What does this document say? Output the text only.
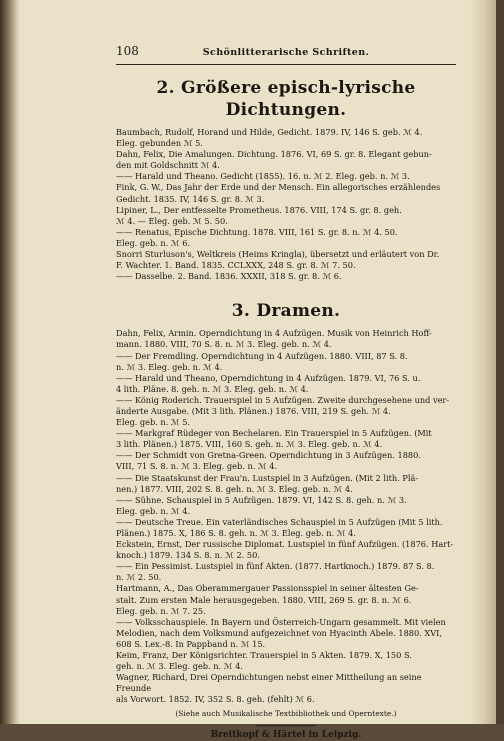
108	Schönlitterarische Schriften.
2. Größere episch-lyrische Dichtungen.
Baumbach, Rudolf, Horand und Hilde, Gedicht. 1879. IV, 146 S. geb. ℳ 4.
Eleg. gebunden ℳ 5.
Dahn, Felix, Die Amalungen. Dichtung. 1876. VI, 69 S. gr. 8. Elegant gebun-
den mit Goldschnitt ℳ 4.
—— Harald und Theano. Gedicht (1855). 16. n. ℳ 2. Eleg. geb. n. ℳ 3.
Fink, G. W., Das Jahr der Erde und der Mensch. Ein allegorisches erzählendes
Gedicht. 1835. IV, 146 S. gr. 8. ℳ 3.
Lipiner, L., Der entfesselte Prometheus. 1876. VIII, 174 S. gr. 8. geh.
ℳ 4. — Eleg. geb. ℳ 5. 50.
—— Renatus, Epische Dichtung. 1878. VIII, 161 S. gr. 8. n. ℳ 4. 50.
Eleg. geb. n. ℳ 6.
Snorri Sturluson's, Weltkreis (Heims Kringla), übersetzt und erläutert von Dr.
F. Wachter. 1. Band. 1835. CCLXXX, 248 S. gr. 8. ℳ 7. 50.
—— Dasselbe. 2. Band. 1836. XXXII, 318 S. gr. 8. ℳ 6.
3. Dramen.
Dahn, Felix, Armin. Operndichtung in 4 Aufzügen. Musik von Heinrich Hoff-
mann. 1880. VIII, 70 S. 8. n. ℳ 3. Eleg. geb. n. ℳ 4.
—— Der Fremdling. Operndichtung in 4 Aufzügen. 1880. VIII, 87 S. 8.
n. ℳ 3. Eleg. geb. n. ℳ 4.
—— Harald und Theano, Operndichtung in 4 Aufzügen. 1879. VI, 76 S. u.
4 lith. Pläne. 8. geh. n. ℳ 3. Eleg. geb. n. ℳ 4.
—— König Roderich. Trauerspiel in 5 Aufzügen. Zweite durchgesehene und ver-
änderte Ausgabe. (Mit 3 lith. Plänen.) 1876. VIII, 219 S. geh. ℳ 4.
Eleg. geb. n. ℳ 5.
—— Markgraf Rüdeger von Bechelaren. Ein Trauerspiel in 5 Aufzügen. (Mit
3 lith. Plänen.) 1875. VIII, 160 S. geh. n. ℳ 3. Eleg. geb. n. ℳ 4.
—— Der Schmidt von Gretna-Green. Operndichtung in 3 Aufzügen. 1880.
VIII, 71 S. 8. n. ℳ 3. Eleg. geb. n. ℳ 4.
—— Die Staatskunst der Frau'n. Lustspiel in 3 Aufzügen. (Mit 2 lith. Plä-
nen.) 1877. VIII, 202 S. 8. geh. n. ℳ 3. Eleg. geb. n. ℳ 4.
—— Sühne. Schauspiel in 5 Aufzügen. 1879. VI, 142 S. 8. geh. n. ℳ 3.
Eleg. geb. n. ℳ 4.
—— Deutsche Treue. Ein vaterländisches Schauspiel in 5 Aufzügen (Mit 5 lith.
Plänen.) 1875. X, 186 S. 8. geh. n. ℳ 3. Eleg. geb. n. ℳ 4.
Eckstein, Ernst, Der russische Diplomat. Lustspiel in fünf Aufzügen. (1876. Hart-
knoch.) 1879. 134 S. 8. n. ℳ 2. 50.
—— Ein Pessimist. Lustspiel in fünf Akten. (1877. Hartknoch.) 1879. 87 S. 8.
n. ℳ 2. 50.
Hartmann, A., Das Oberammergauer Passionsspiel in seiner ältesten Ge-
stalt. Zum ersten Male herausgegeben. 1880. VIII, 269 S. gr. 8. n. ℳ 6.
Eleg. geb. n. ℳ 7. 25.
—— Volksschauspiele. In Bayern und Österreich-Ungarn gesammelt. Mit vielen
Melodien, nach dem Volksmund aufgezeichnet von Hyacinth Abele. 1880. XVI,
608 S. Lex.-8. In Pappband n. ℳ 15.
Keim, Franz, Der Königsrichter. Trauerspiel in 5 Akten. 1879. X, 150 S.
geh. n. ℳ 3. Eleg. geb. n. ℳ 4.
Wagner, Richard, Drei Operndichtungen nebst einer Mittheilung an seine Freunde
als Vorwort. 1852. IV, 352 S. 8. geh. (fehlt) ℳ 6.
(Siehe auch Musikalische Textbibliothek und Operntexte.)
Breitkopf & Härtel in Leipzig.
